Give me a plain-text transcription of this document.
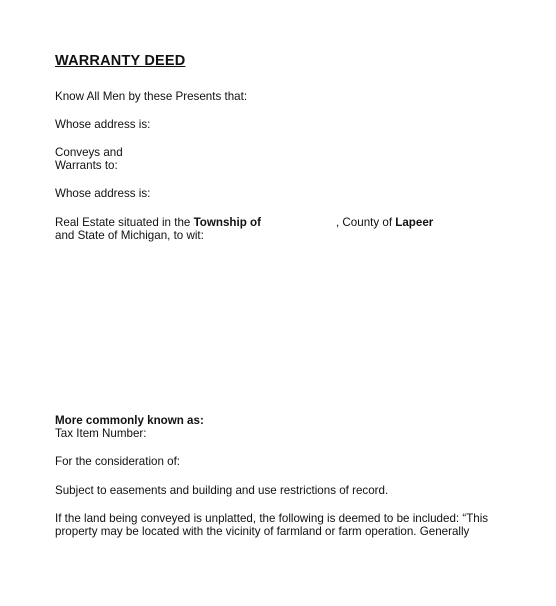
WARRANTY DEED
Know All Men by these Presents that:
Whose address is:
Conveys and
Warrants to:
Whose address is:
Real Estate situated in the Township of	, County of Lapeer
and State of Michigan, to wit:
More commonly known as:
Tax Item Number:
For the consideration of:
Subject to easements and building and use restrictions of record.
If the land being conveyed is unplatted, the following is deemed to be included: “This
property may be located with the vicinity of farmland or farm operation. Generally
